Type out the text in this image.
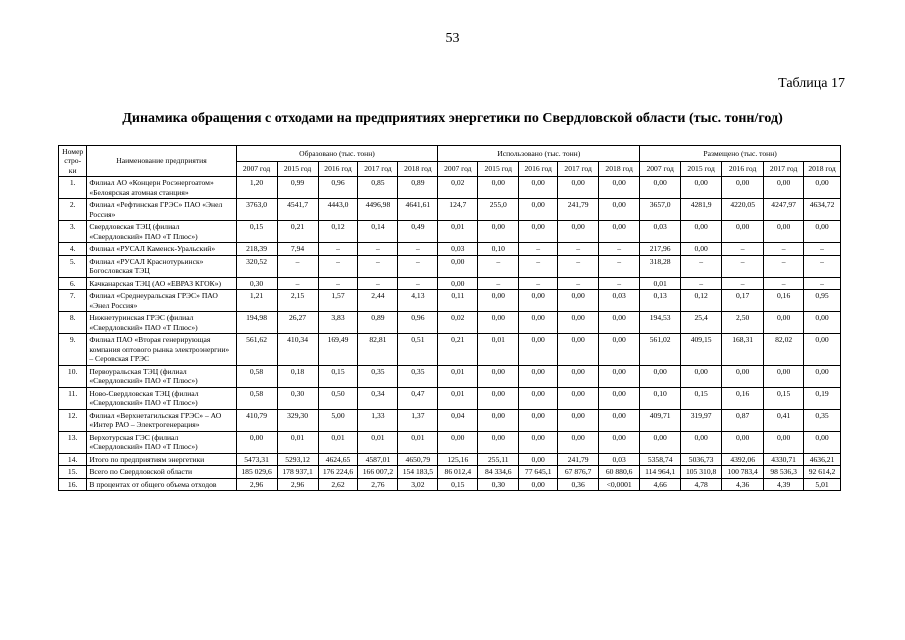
53
Таблица 17
Динамика обращения с отходами на предприятиях энергетики по Свердловской области (тыс. тонн/год)
Номер стро-ки	Наименование предприятия	Образовано (тыс. тонн)					Использовано (тыс. тонн)					Размещено (тыс. тонн)				
		2007 год	2015 год	2016 год	2017 год	2018 год	2007 год	2015 год	2016 год	2017 год	2018 год	2007 год	2015 год	2016 год	2017 год	2018 год
1.	Филиал АО «Концерн Росэнергоатом» «Белоярская атомная станция»	1,20	0,99	0,96	0,85	0,89	0,02	0,00	0,00	0,00	0,00	0,00	0,00	0,00	0,00	0,00
2.	Филиал «Рефтинская ГРЭС» ПАО «Энел Россия»	3763,0	4541,7	4443,0	4496,98	4641,61	124,7	255,0	0,00	241,79	0,00	3657,0	4281,9	4220,05	4247,97	4634,72
3.	Свердловская ТЭЦ (филиал «Свердловский» ПАО «Т Плюс»)	0,15	0,21	0,12	0,14	0,49	0,01	0,00	0,00	0,00	0,00	0,03	0,00	0,00	0,00	0,00
4.	Филиал «РУСАЛ Каменск-Уральский»	218,39	7,94	–	–	–	0,03	0,10	–	–	–	217,96	0,00	–	–	–
5.	Филиал «РУСАЛ Краснотурьинск» Богословская ТЭЦ	320,52	–	–	–	–	0,00	–	–	–	–	318,28	–	–	–	–
6.	Качканарская ТЭЦ (АО «ЕВРАЗ КГОК»)	0,30	–	–	–	–	0,00	–	–	–	–	0,01	–	–	–	–
7.	Филиал «Среднеуральская ГРЭС» ПАО «Энел Россия»	1,21	2,15	1,57	2,44	4,13	0,11	0,00	0,00	0,00	0,03	0,13	0,12	0,17	0,16	0,95
8.	Нижнетуринская ГРЭС (филиал «Свердловский» ПАО «Т Плюс»)	194,98	26,27	3,83	0,89	0,96	0,02	0,00	0,00	0,00	0,00	194,53	25,4	2,50	0,00	0,00
9.	Филиал ПАО «Вторая генерирующая компания оптового рынка электроэнергии» – Серовская ГРЭС	561,62	410,34	169,49	82,81	0,51	0,21	0,01	0,00	0,00	0,00	561,02	409,15	168,31	82,02	0,00
10.	Первоуральская ТЭЦ (филиал «Свердловский» ПАО «Т Плюс»)	0,58	0,18	0,15	0,35	0,35	0,01	0,00	0,00	0,00	0,00	0,00	0,00	0,00	0,00	0,00
11.	Ново-Свердловская ТЭЦ (филиал «Свердловский» ПАО «Т Плюс»)	0,58	0,30	0,50	0,34	0,47	0,01	0,00	0,00	0,00	0,00	0,10	0,15	0,16	0,15	0,19
12.	Филиал «Верхнетагильская ГРЭС» – АО «Интер РАО – Электрогенерация»	410,79	329,30	5,00	1,33	1,37	0,04	0,00	0,00	0,00	0,00	409,71	319,97	0,87	0,41	0,35
13.	Верхотурская ГЭС (филиал «Свердловский» ПАО «Т Плюс»)	0,00	0,01	0,01	0,01	0,01	0,00	0,00	0,00	0,00	0,00	0,00	0,00	0,00	0,00	0,00
14.	Итого по предприятиям энергетики	5473,31	5293,12	4624,65	4587,01	4650,79	125,16	255,11	0,00	241,79	0,03	5358,74	5036,73	4392,06	4330,71	4636,21
15.	Всего по Свердловской области	185 029,6	178 937,1	176 224,6	166 007,2	154 183,5	86 012,4	84 334,6	77 645,1	67 876,7	60 880,6	114 964,1	105 310,8	100 783,4	98 536,3	92 614,2
16.	В процентах от общего объема отходов	2,96	2,96	2,62	2,76	3,02	0,15	0,30	0,00	0,36	<0,0001	4,66	4,78	4,36	4,39	5,01
